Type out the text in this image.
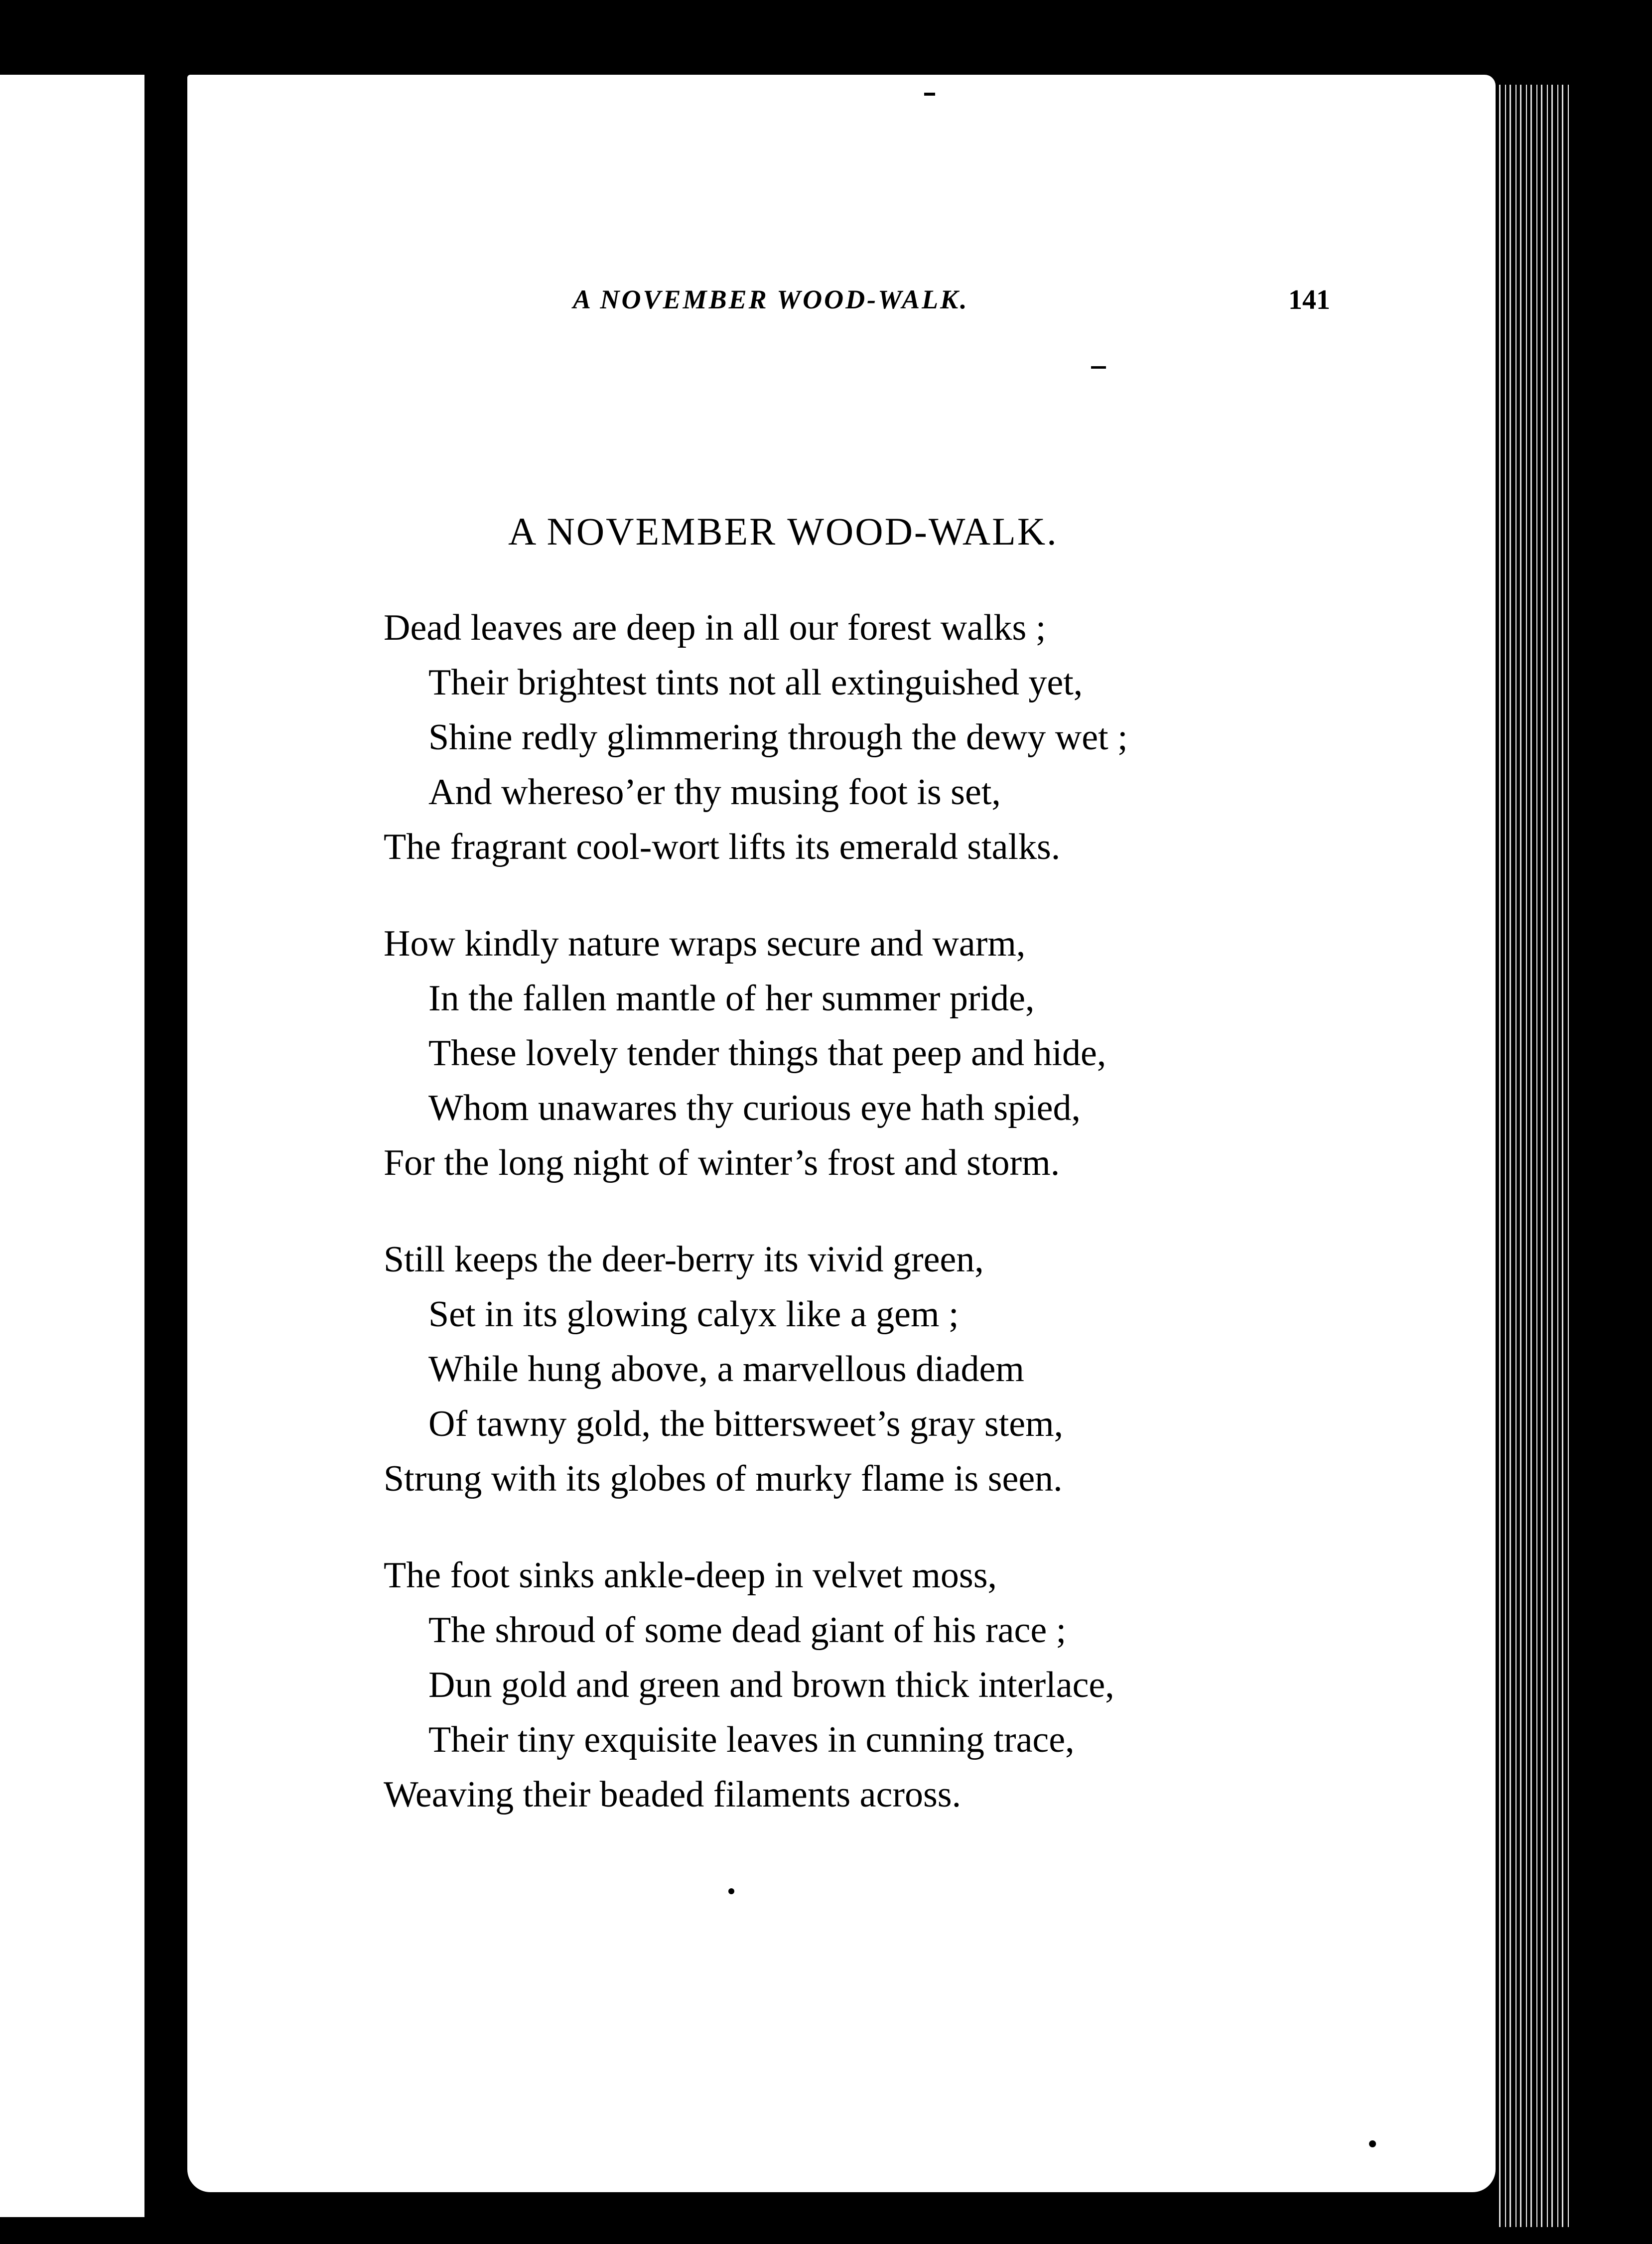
A NOVEMBER WOOD-WALK.	141
A NOVEMBER WOOD-WALK.
Dead leaves are deep in all our forest walks ;
Their brightest tints not all extinguished yet,
Shine redly glimmering through the dewy wet ;
And whereso’er thy musing foot is set,
The fragrant cool-wort lifts its emerald stalks.
How kindly nature wraps secure and warm,
In the fallen mantle of her summer pride,
These lovely tender things that peep and hide,
Whom unawares thy curious eye hath spied,
For the long night of winter’s frost and storm.
Still keeps the deer-berry its vivid green,
Set in its glowing calyx like a gem ;
While hung above, a marvellous diadem
Of tawny gold, the bittersweet’s gray stem,
Strung with its globes of murky flame is seen.
The foot sinks ankle-deep in velvet moss,
The shroud of some dead giant of his race ;
Dun gold and green and brown thick interlace,
Their tiny exquisite leaves in cunning trace,
Weaving their beaded filaments across.
